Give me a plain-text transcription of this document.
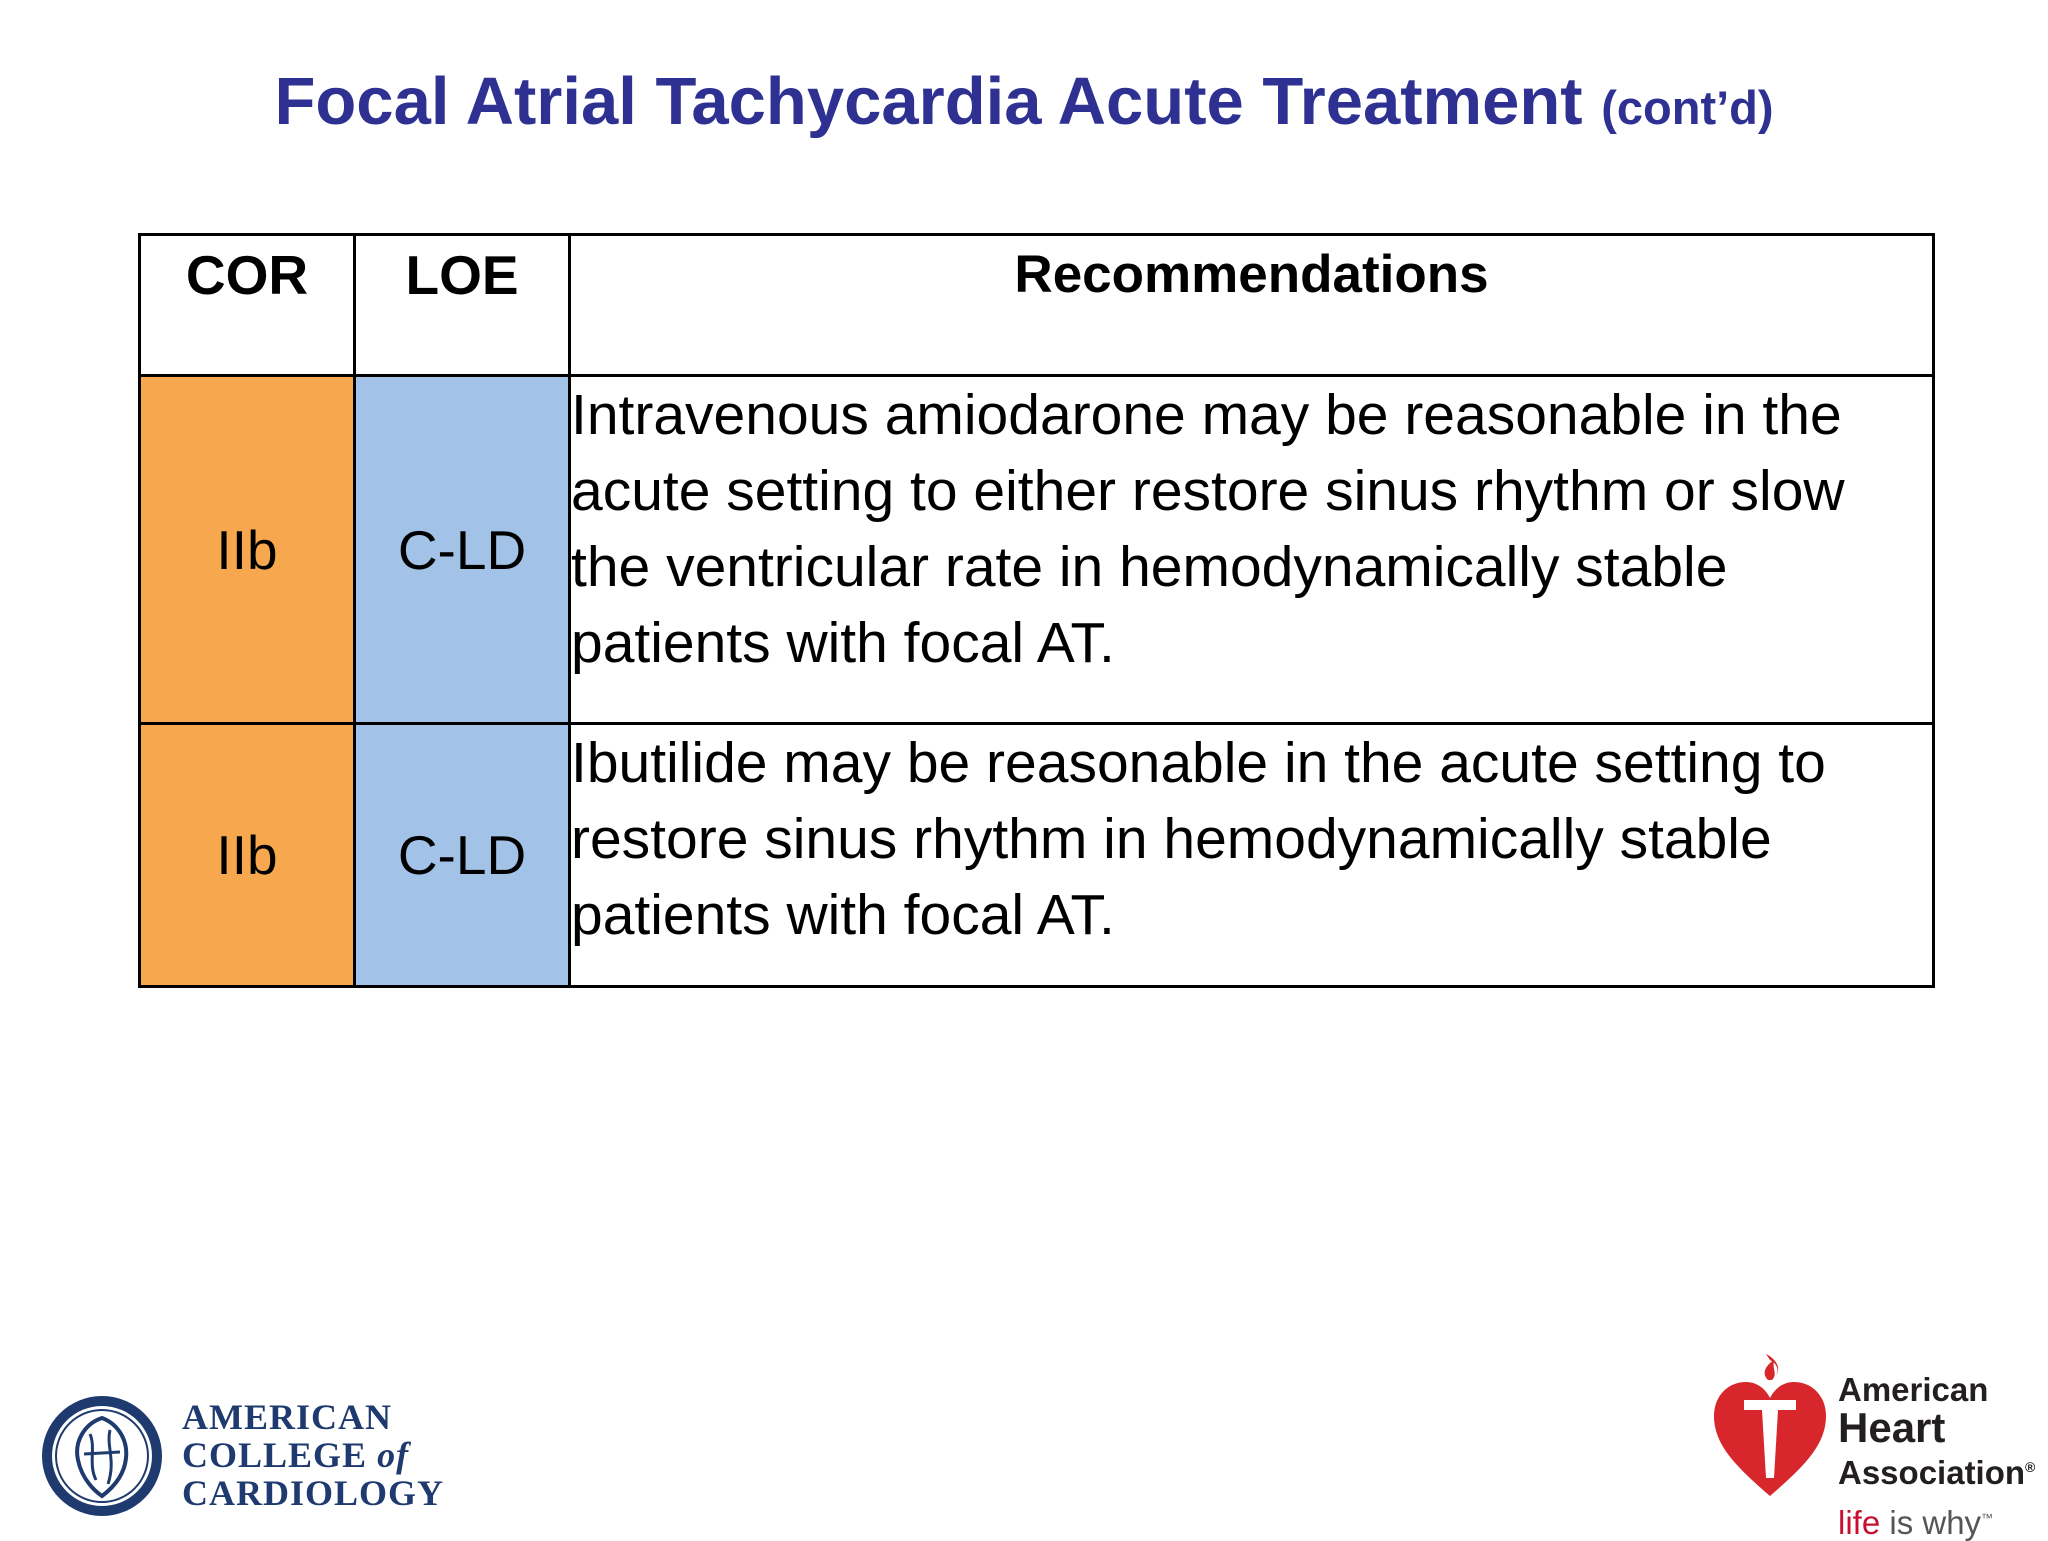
Focal Atrial Tachycardia Acute Treatment (cont’d)
COR	LOE	Recommendations
IIb	C-LD	Intravenous amiodarone may be reasonable in the acute setting to either restore sinus rhythm or slow the ventricular rate in hemodynamically stable patients with focal AT.
IIb	C-LD	Ibutilide may be reasonable in the acute setting to restore sinus rhythm in hemodynamically stable patients with focal AT.
AMERICAN
COLLEGE of
CARDIOLOGY
American
Heart
Association®
life is why™
